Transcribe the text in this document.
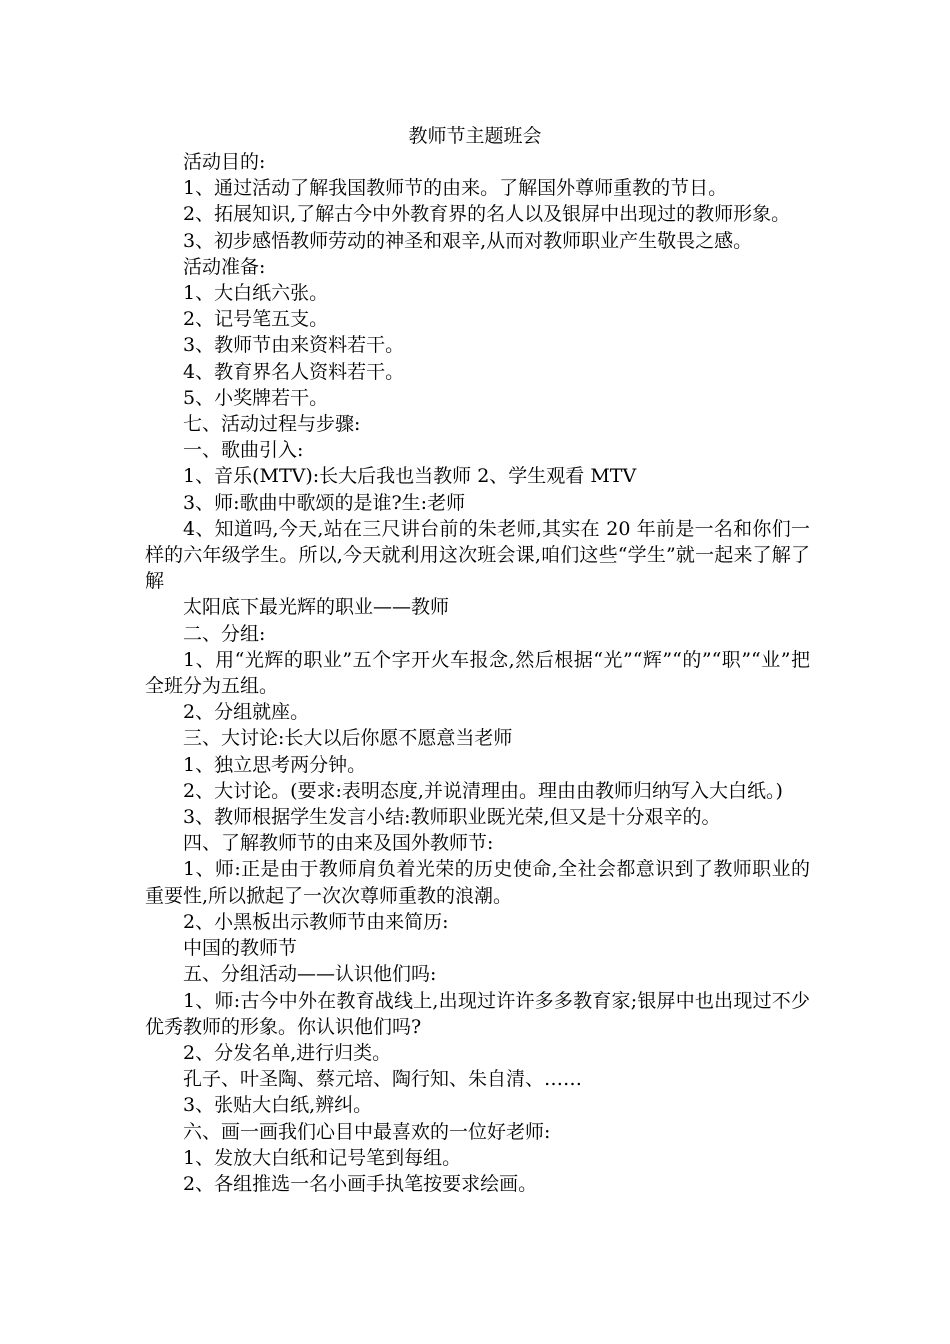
教师节主题班会

活动目的:

1、通过活动了解我国教师节的由来。了解国外尊师重教的节日。

2、拓展知识,了解古今中外教育界的名人以及银屏中出现过的教师形象。

3、初步感悟教师劳动的神圣和艰辛,从而对教师职业产生敬畏之感。

活动准备:

1、大白纸六张。

2、记号笔五支。

3、教师节由来资料若干。

4、教育界名人资料若干。

5、小奖牌若干。

七、活动过程与步骤:

一、歌曲引入:

1、音乐(MTV):长大后我也当教师 2、学生观看 MTV

3、师:歌曲中歌颂的是谁?生:老师

4、知道吗,今天,站在三尺讲台前的朱老师,其实在 20 年前是一名和你们一样的六年级学生。所以,今天就利用这次班会课,咱们这些“学生”就一起来了解了解

太阳底下最光辉的职业——教师

二、分组:

1、用“光辉的职业”五个字开火车报念,然后根据“光”“辉”“的”“职”“业”把全班分为五组。

2、分组就座。

三、大讨论:长大以后你愿不愿意当老师

1、独立思考两分钟。

2、大讨论。(要求:表明态度,并说清理由。理由由教师归纳写入大白纸。)

3、教师根据学生发言小结:教师职业既光荣,但又是十分艰辛的。

四、了解教师节的由来及国外教师节:

1、师:正是由于教师肩负着光荣的历史使命,全社会都意识到了教师职业的重要性,所以掀起了一次次尊师重教的浪潮。

2、小黑板出示教师节由来简历:

中国的教师节

五、分组活动——认识他们吗:

1、师:古今中外在教育战线上,出现过许许多多教育家;银屏中也出现过不少优秀教师的形象。你认识他们吗?

2、分发名单,进行归类。

孔子、叶圣陶、蔡元培、陶行知、朱自清、……

3、张贴大白纸,辨纠。

六、画一画我们心目中最喜欢的一位好老师:

1、发放大白纸和记号笔到每组。

2、各组推选一名小画手执笔按要求绘画。
